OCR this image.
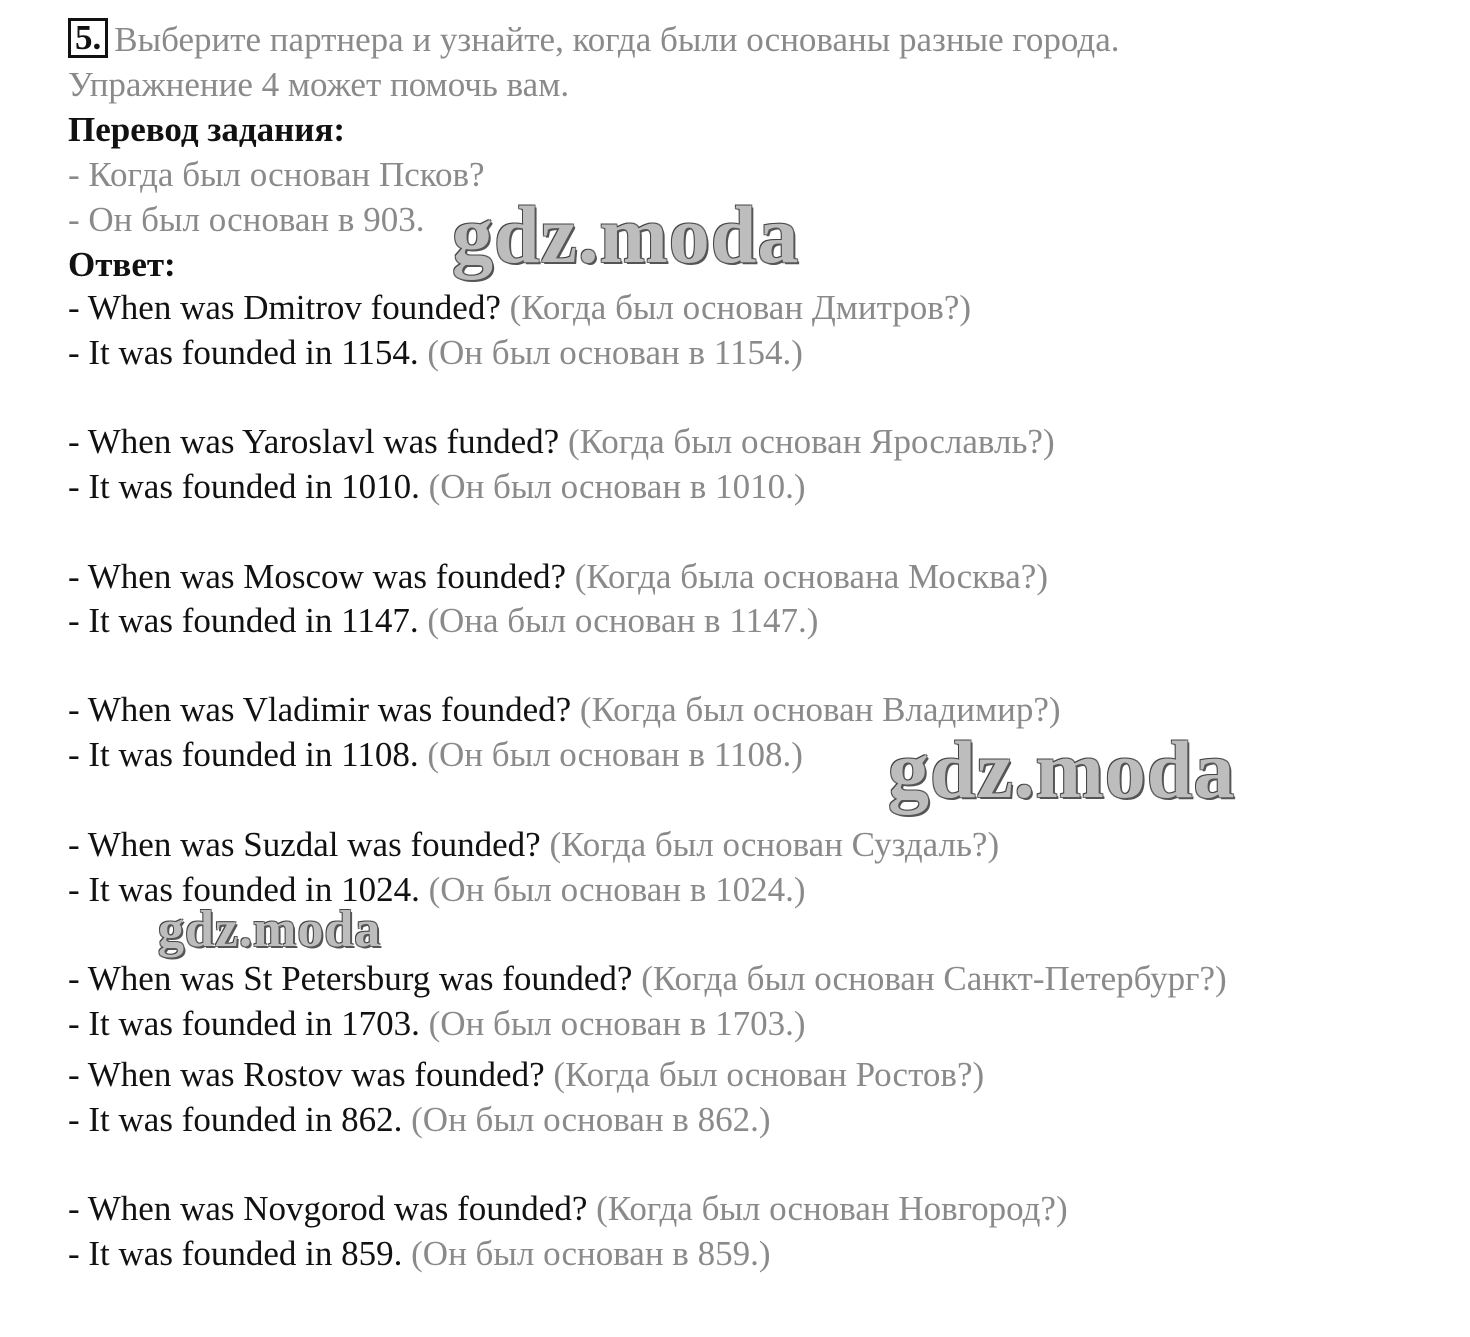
5. Выберите партнера и узнайте, когда были основаны разные города.
Упражнение 4 может помочь вам.
Перевод задания:
- Когда был основан Псков?
- Он был основан в 903.
Ответ:
- When was Dmitrov founded? (Когда был основан Дмитров?)
- It was founded in 1154. (Он был основан в 1154.)
- When was Yaroslavl was funded? (Когда был основан Ярославль?)
- It was founded in 1010. (Он был основан в 1010.)
- When was Moscow was founded? (Когда была основана Москва?)
- It was founded in 1147. (Она был основан в 1147.)
- When was Vladimir was founded? (Когда был основан Владимир?)
- It was founded in 1108. (Он был основан в 1108.)
- When was Suzdal was founded? (Когда был основан Суздаль?)
- It was founded in 1024. (Он был основан в 1024.)
- When was St Petersburg was founded? (Когда был основан Санкт-Петербург?)
- It was founded in 1703. (Он был основан в 1703.)
- When was Rostov was founded? (Когда был основан Ростов?)
- It was founded in 862. (Он был основан в 862.)
- When was Novgorod was founded? (Когда был основан Новгород?)
- It was founded in 859. (Он был основан в 859.)
gdz.moda
gdz.moda
gdz.moda
